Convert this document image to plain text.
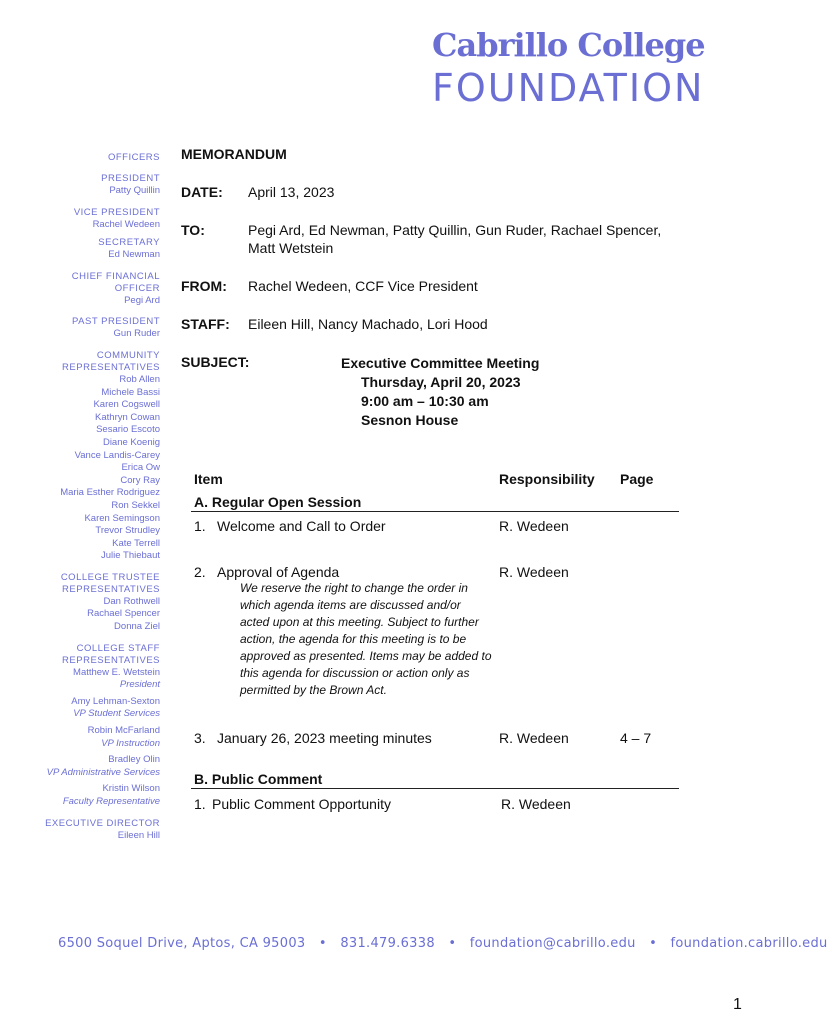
Cabrillo College
FOUNDATION
OFFICERS
PRESIDENT
Patty Quillin
VICE PRESIDENT
Rachel Wedeen
SECRETARY
Ed Newman
CHIEF FINANCIAL OFFICER
Pegi Ard
PAST PRESIDENT
Gun Ruder
COMMUNITY
REPRESENTATIVES
Rob Allen
Michele Bassi
Karen Cogswell
Kathryn Cowan
Sesario Escoto
Diane Koenig
Vance Landis-Carey
Erica Ow
Cory Ray
Maria Esther Rodriguez
Ron Sekkel
Karen Semingson
Trevor Strudley
Kate Terrell
Julie Thiebaut
COLLEGE TRUSTEE
REPRESENTATIVES
Dan Rothwell
Rachael Spencer
Donna Ziel
COLLEGE STAFF
REPRESENTATIVES
Matthew E. Wetstein
President
Amy Lehman-Sexton
VP Student Services
Robin McFarland
VP Instruction
Bradley Olin
VP Administrative Services
Kristin Wilson
Faculty Representative
EXECUTIVE DIRECTOR
Eileen Hill
MEMORANDUM
DATE: April 13, 2023
TO:	Pegi Ard, Ed Newman, Patty Quillin, Gun Ruder, Rachael Spencer, Matt Wetstein
FROM: Rachel Wedeen, CCF Vice President
STAFF: Eileen Hill, Nancy Machado, Lori Hood
SUBJECT:	Executive Committee Meeting
Thursday, April 20, 2023
9:00 am – 10:30 am
Sesnon House
Item	Responsibility Page
A. Regular Open Session
1. Welcome and Call to Order	R. Wedeen
2. Approval of Agenda	R. Wedeen
We reserve the right to change the order in which agenda items are discussed and/or acted upon at this meeting. Subject to further action, the agenda for this meeting is to be approved as presented. Items may be added to this agenda for discussion or action only as permitted by the Brown Act.
3. January 26, 2023 meeting minutes	R. Wedeen	4 – 7
B. Public Comment
1. Public Comment Opportunity	R. Wedeen
6500 Soquel Drive, Aptos, CA 95003 • 831.479.6338 • foundation@cabrillo.edu • foundation.cabrillo.edu
1
